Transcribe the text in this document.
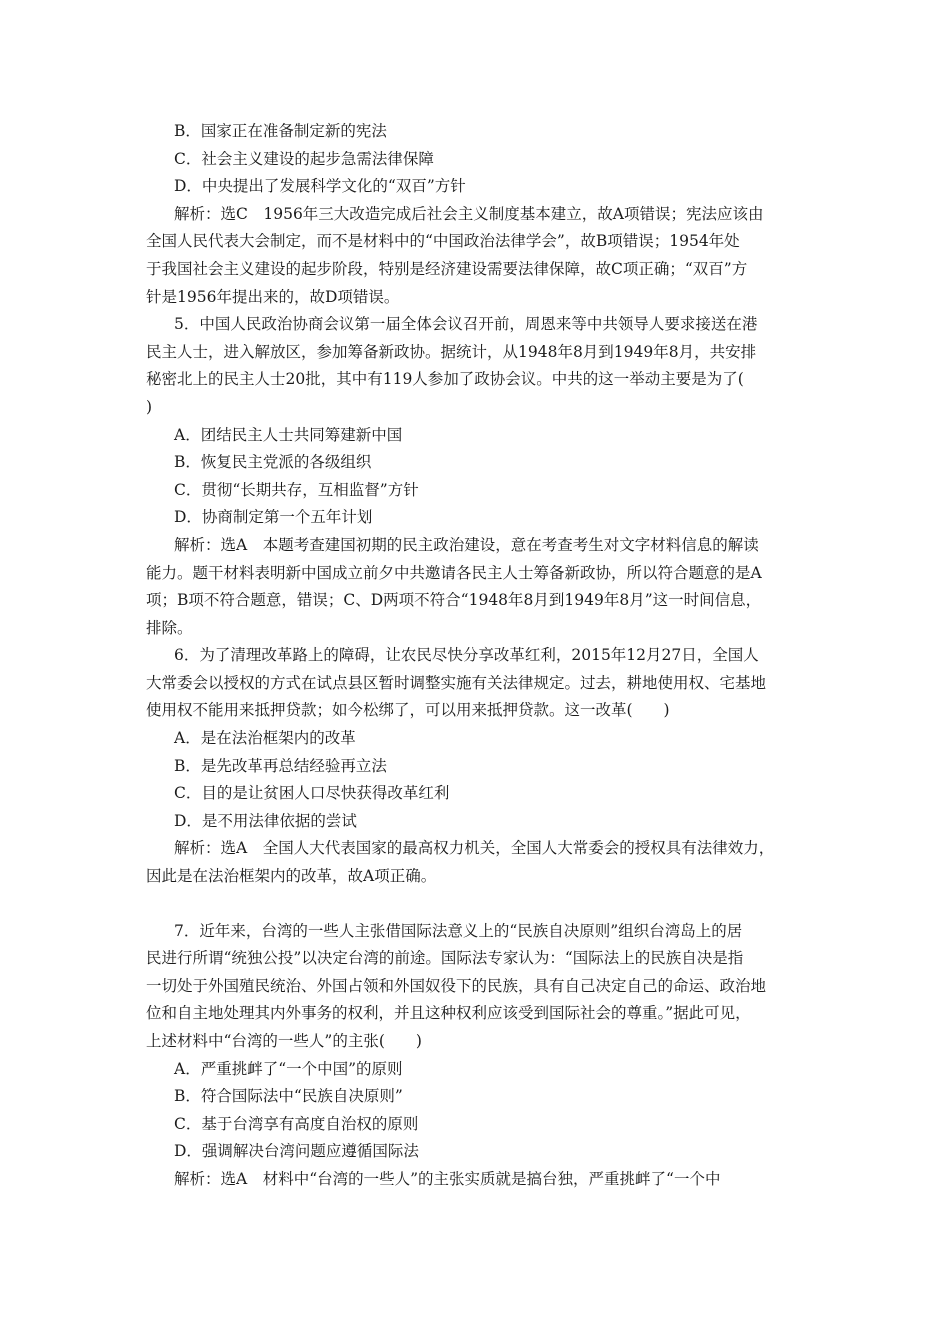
B．国家正在准备制定新的宪法
C．社会主义建设的起步急需法律保障
D．中央提出了发展科学文化的“双百”方针
解析：选C　1956年三大改造完成后社会主义制度基本建立，故A项错误；宪法应该由
全国人民代表大会制定，而不是材料中的“中国政治法律学会”，故B项错误；1954年处
于我国社会主义建设的起步阶段，特别是经济建设需要法律保障，故C项正确；“双百”方
针是1956年提出来的，故D项错误。
5．中国人民政治协商会议第一届全体会议召开前，周恩来等中共领导人要求接送在港
民主人士，进入解放区，参加筹备新政协。据统计，从1948年8月到1949年8月，共安排
秘密北上的民主人士20批，其中有119人参加了政协会议。中共的这一举动主要是为了(
)
A．团结民主人士共同筹建新中国
B．恢复民主党派的各级组织
C．贯彻“长期共存，互相监督”方针
D．协商制定第一个五年计划
解析：选A　本题考查建国初期的民主政治建设，意在考查考生对文字材料信息的解读
能力。题干材料表明新中国成立前夕中共邀请各民主人士筹备新政协，所以符合题意的是A
项；B项不符合题意，错误；C、D两项不符合“1948年8月到1949年8月”这一时间信息，
排除。
6．为了清理改革路上的障碍，让农民尽快分享改革红利，2015年12月27日，全国人
大常委会以授权的方式在试点县区暂时调整实施有关法律规定。过去，耕地使用权、宅基地
使用权不能用来抵押贷款；如今松绑了，可以用来抵押贷款。这一改革(　　)
A．是在法治框架内的改革
B．是先改革再总结经验再立法
C．目的是让贫困人口尽快获得改革红利
D．是不用法律依据的尝试
解析：选A　全国人大代表国家的最高权力机关，全国人大常委会的授权具有法律效力，
因此是在法治框架内的改革，故A项正确。
7．近年来，台湾的一些人主张借国际法意义上的“民族自决原则”组织台湾岛上的居
民进行所谓“统独公投”以决定台湾的前途。国际法专家认为：“国际法上的民族自决是指
一切处于外国殖民统治、外国占领和外国奴役下的民族，具有自己决定自己的命运、政治地
位和自主地处理其内外事务的权利，并且这种权利应该受到国际社会的尊重。”据此可见，
上述材料中“台湾的一些人”的主张(　　)
A．严重挑衅了“一个中国”的原则
B．符合国际法中“民族自决原则”
C．基于台湾享有高度自治权的原则
D．强调解决台湾问题应遵循国际法
解析：选A　材料中“台湾的一些人”的主张实质就是搞台独，严重挑衅了“一个中
